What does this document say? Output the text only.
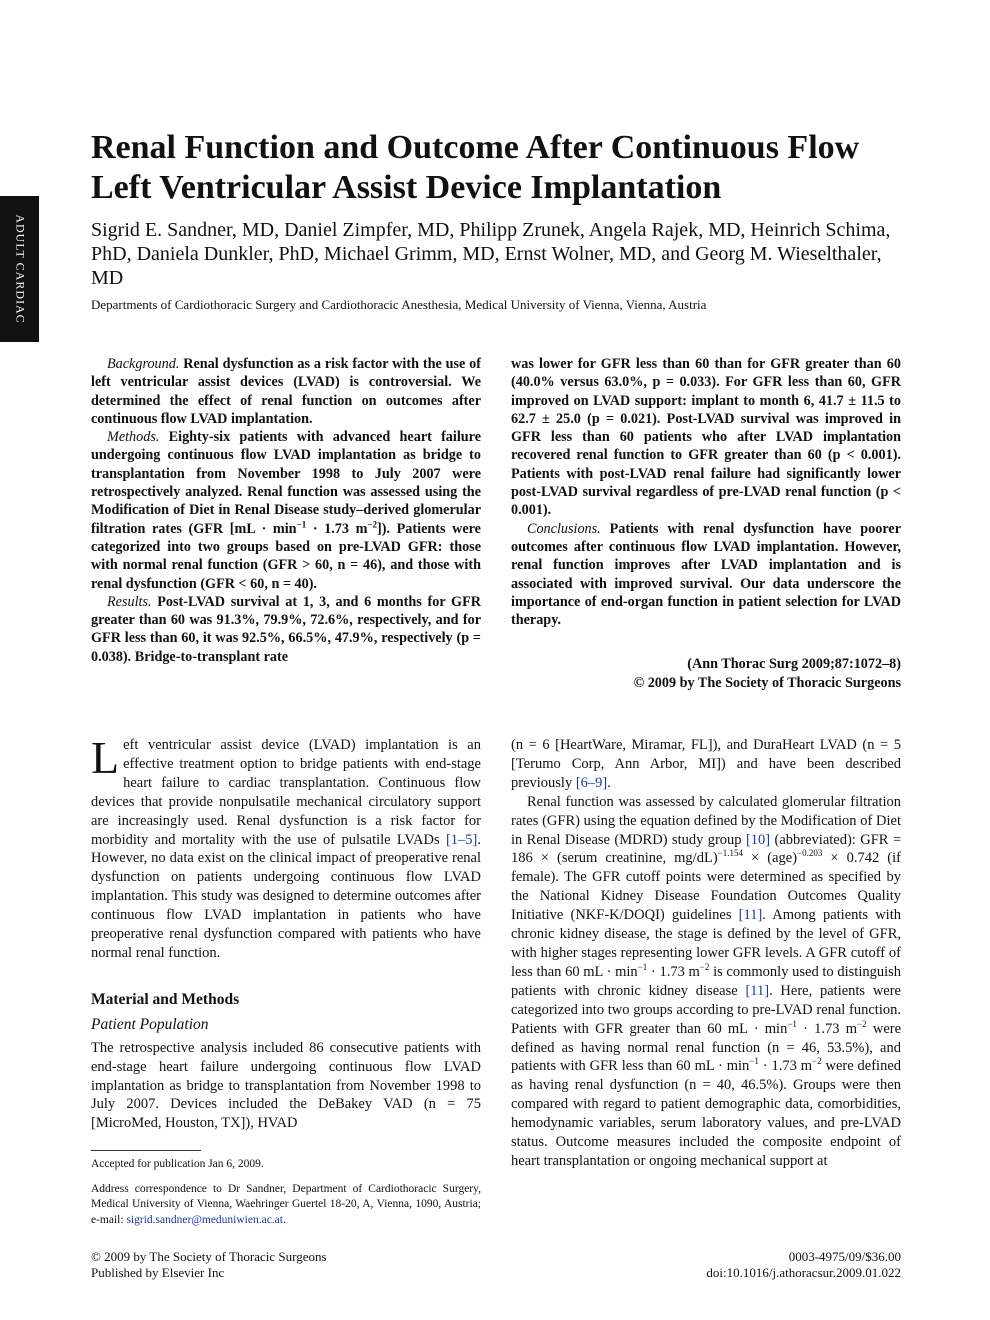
ADULT CARDIAC
Renal Function and Outcome After Continuous Flow Left Ventricular Assist Device Implantation

Sigrid E. Sandner, MD, Daniel Zimpfer, MD, Philipp Zrunek, Angela Rajek, MD, Heinrich Schima, PhD, Daniela Dunkler, PhD, Michael Grimm, MD, Ernst Wolner, MD, and Georg M. Wieselthaler, MD

Departments of Cardiothoracic Surgery and Cardiothoracic Anesthesia, Medical University of Vienna, Vienna, Austria

Background. Renal dysfunction as a risk factor with the use of left ventricular assist devices (LVAD) is controversial. We determined the effect of renal function on outcomes after continuous flow LVAD implantation.

Methods. Eighty-six patients with advanced heart failure undergoing continuous flow LVAD implantation as bridge to transplantation from November 1998 to July 2007 were retrospectively analyzed. Renal function was assessed using the Modification of Diet in Renal Disease study–derived glomerular filtration rates (GFR [$mL \cdot \min^{-1} \cdot 1.73$ $m^{-2}$]). Patients were categorized into two groups based on pre-LVAD GFR: those with normal renal function (GFR > 60, n = 46), and those with renal dysfunction (GFR < 60, n = 40).

Results. Post-LVAD survival at 1, 3, and 6 months for GFR greater than 60 was 91.3%, 79.9%, 72.6%, respectively, and for GFR less than 60, it was 92.5%, 66.5%, 47.9%, respectively (p = 0.038). Bridge-to-transplant rate

was lower for GFR less than 60 than for GFR greater than 60 (40.0% versus 63.0%, p = 0.033). For GFR less than 60, GFR improved on LVAD support: implant to month 6, 41.7 ± 11.5 to 62.7 ± 25.0 (p = 0.021). Post-LVAD survival was improved in GFR less than 60 patients who after LVAD implantation recovered renal function to GFR greater than 60 (p < 0.001). Patients with post-LVAD renal failure had significantly lower post-LVAD survival regardless of pre-LVAD renal function (p < 0.001).

Conclusions. Patients with renal dysfunction have poorer outcomes after continuous flow LVAD implantation. However, renal function improves after LVAD implantation and is associated with improved survival. Our data underscore the importance of end-organ function in patient selection for LVAD therapy.

(Ann Thorac Surg 2009;87:1072–8)

© 2009 by The Society of Thoracic Surgeons

Left ventricular assist device (LVAD) implantation is an effective treatment option to bridge patients with end-stage heart failure to cardiac transplantation. Continuous flow devices that provide nonpulsatile mechanical circulatory support are increasingly used. Renal dysfunction is a risk factor for morbidity and mortality with the use of pulsatile LVADs [1–5]. However, no data exist on the clinical impact of preoperative renal dysfunction on patients undergoing continuous flow LVAD implantation. This study was designed to determine outcomes after continuous flow LVAD implantation in patients who have preoperative renal dysfunction compared with patients who have normal renal function.

Material and Methods
Patient Population

The retrospective analysis included 86 consecutive patients with end-stage heart failure undergoing continuous flow LVAD implantation as bridge to transplantation from November 1998 to July 2007. Devices included the DeBakey VAD (n = 75 [MicroMed, Houston, TX]), HVAD

(n = 6 [HeartWare, Miramar, FL]), and DuraHeart LVAD (n = 5 [Terumo Corp, Ann Arbor, MI]) and have been described previously [6–9].

Renal function was assessed by calculated glomerular filtration rates (GFR) using the equation defined by the Modification of Diet in Renal Disease (MDRD) study group [10] (abbreviated): GFR = 186 × (serum creatinine, mg/dL)$^{-1.154}$ × (age)$^{-0.203}$ × 0.742 (if female). The GFR cutoff points were determined as specified by the National Kidney Disease Foundation Outcomes Quality Initiative (NKF-K/DOQI) guidelines [11]. Among patients with chronic kidney disease, the stage is defined by the level of GFR, with higher stages representing lower GFR levels. A GFR cutoff of less than 60 mL · $\min^{-1} \cdot 1.73$ $m^{-2}$ is commonly used to distinguish patients with chronic kidney disease [11]. Here, patients were categorized into two groups according to pre-LVAD renal function. Patients with GFR greater than 60 mL · $\min^{-1} \cdot 1.73$ $m^{-2}$ were defined as having normal renal function (n = 46, 53.5%), and patients with GFR less than 60 mL · $\min^{-1} \cdot 1.73$ $m^{-2}$ were defined as having renal dysfunction (n = 40, 46.5%). Groups were then compared with regard to patient demographic data, comorbidities, hemodynamic variables, serum laboratory values, and pre-LVAD status. Outcome measures included the composite endpoint of heart transplantation or ongoing mechanical support at

Accepted for publication Jan 6, 2009.

Address correspondence to Dr Sandner, Department of Cardiothoracic Surgery, Medical University of Vienna, Waehringer Guertel 18-20, A, Vienna, 1090, Austria; e-mail: sigrid.sandner@meduniwien.ac.at.

© 2009 by The Society of Thoracic Surgeons
Published by Elsevier Inc
0003-4975/09/$36.00
doi:10.1016/j.athoracsur.2009.01.022
